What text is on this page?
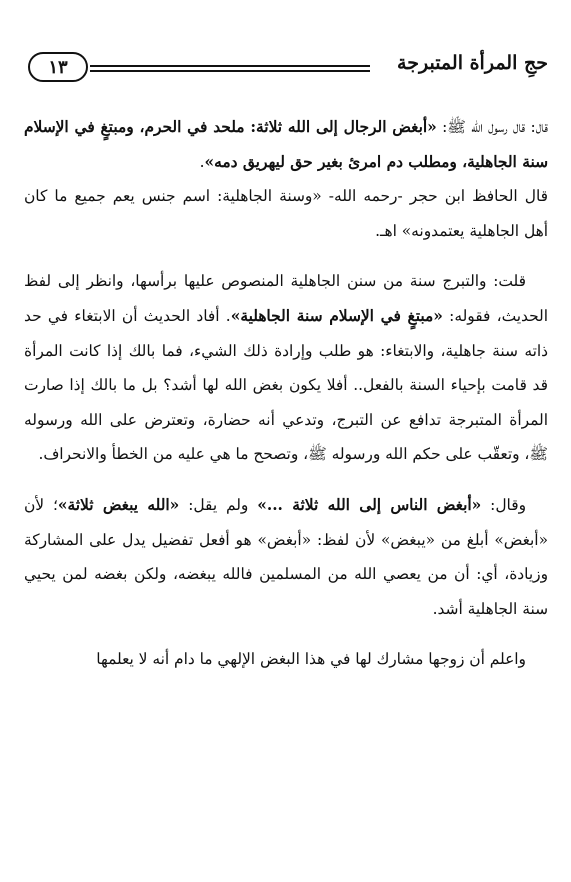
حجِ المرأة المتبرجة
١٣

قال: قال رسول الله ﷺ: «أبغض الرجال إلى الله ثلاثة: ملحد في الحرم، ومبتغٍ في الإسلام سنة الجاهلية، ومطلب دم امرئ بغير حق ليهريق دمه».

قال الحافظ ابن حجر -رحمه الله- «وسنة الجاهلية: اسم جنس يعم جميع ما كان أهل الجاهلية يعتمدونه» اهـ.

قلت: والتبرج سنة من سنن الجاهلية المنصوص عليها برأسها، وانظر إلى لفظ الحديث، فقوله: «مبتغٍ في الإسلام سنة الجاهلية». أفاد الحديث أن الابتغاء في حد ذاته سنة جاهلية، والابتغاء: هو طلب وإرادة ذلك الشيء، فما بالك إذا كانت المرأة قد قامت بإحياء السنة بالفعل.. أفلا يكون بغض الله لها أشد؟ بل ما بالك إذا صارت المرأة المتبرجة تدافع عن التبرج، وتدعي أنه حضارة، وتعترض على الله ورسوله ﷺ، وتعقّب على حكم الله ورسوله ﷺ، وتصحح ما هي عليه من الخطأ والانحراف.

وقال: «أبغض الناس إلى الله ثلاثة ...» ولم يقل: «الله يبغض ثلاثة»؛ لأن «أبغض» أبلغ من «يبغض» لأن لفظ: «أبغض» هو أفعل تفضيل يدل على المشاركة وزيادة، أي: أن من يعصي الله من المسلمين فالله يبغضه، ولكن بغضه لمن يحيي سنة الجاهلية أشد.

واعلم أن زوجها مشارك لها في هذا البغض الإلهي ما دام أنه لا يعلمها
